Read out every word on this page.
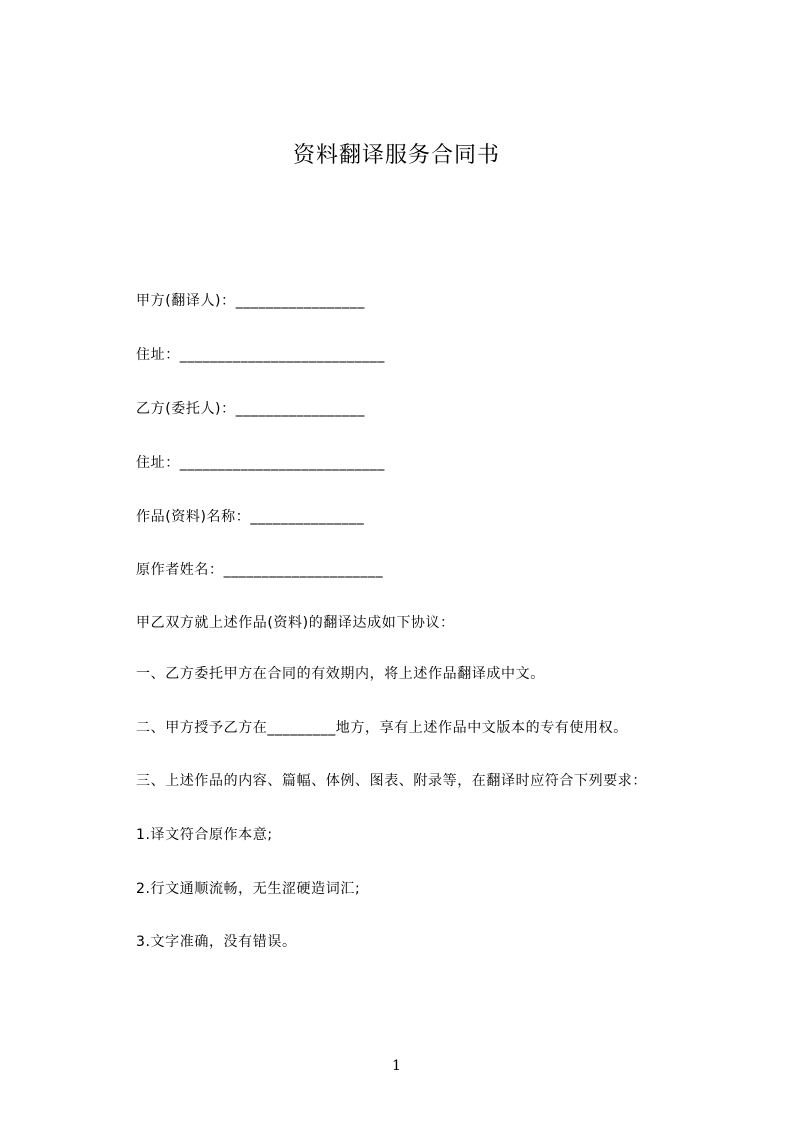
资料翻译服务合同书
甲方(翻译人)：_________________
住址：___________________________
乙方(委托人)：_________________
住址：___________________________
作品(资料)名称：_______________
原作者姓名：_____________________
甲乙双方就上述作品(资料)的翻译达成如下协议：
一、乙方委托甲方在合同的有效期内，将上述作品翻译成中文。
二、甲方授予乙方在_________地方，享有上述作品中文版本的专有使用权。
三、上述作品的内容、篇幅、体例、图表、附录等，在翻译时应符合下列要求：
1.译文符合原作本意;
2.行文通顺流畅，无生涩硬造词汇;
3.文字准确，没有错误。
1
